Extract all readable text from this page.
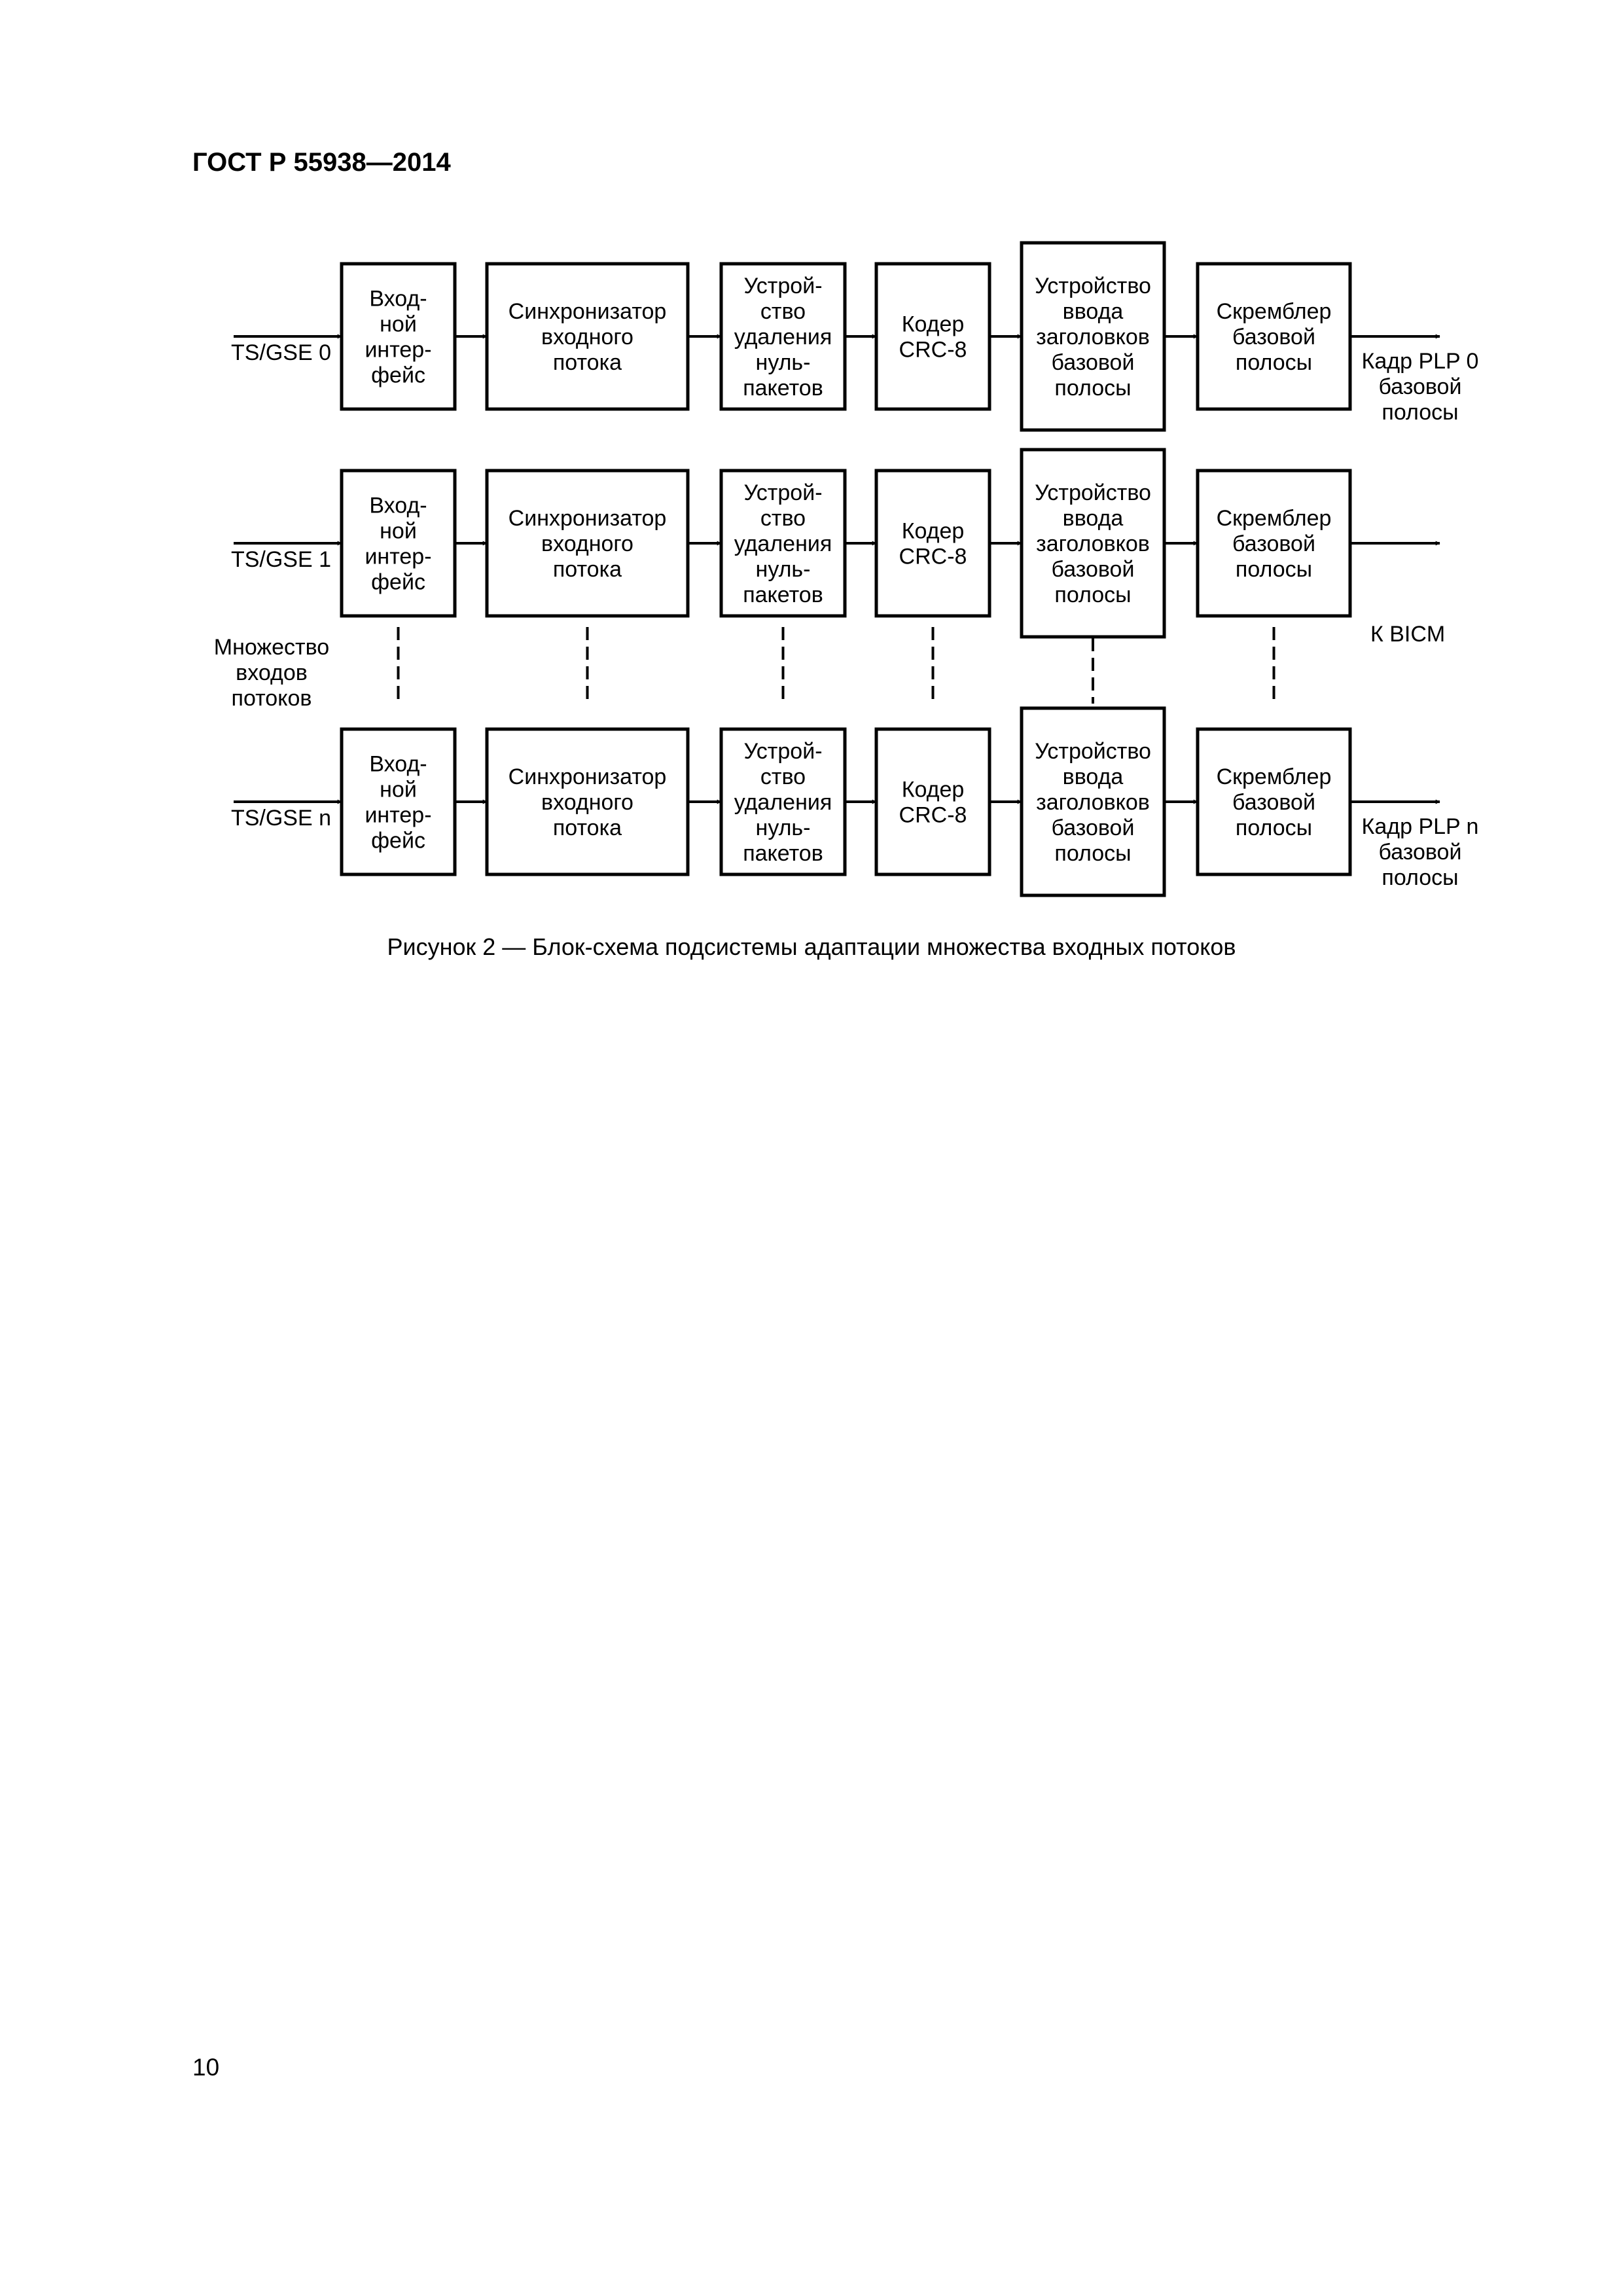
ГОСТ Р 55938—2014
TS/GSE 0
Вход-ной интер-фейс
Синхронизатор входного потока
Устрой-ство удаления нуль-пакетов
Кодер CRC-8
Устройство ввода заголовков базовой полосы
Скремблер базовой полосы	Кадр PLP 0 базовой полосы
TS/GSE 1
Вход-ной интер-фейс
Синхронизатор входного потока
Устрой-ство удаления нуль-пакетов
Кодер CRC-8
Устройство ввода заголовков базовой полосы
Скремблер базовой полосы
TS/GSE n
Вход-ной интер-фейс
Синхронизатор входного потока
Устрой-ство удаления нуль-пакетов
Кодер CRC-8
Устройство ввода заголовков базовой полосы
Скремблер базовой полосы	Кадр PLP n базовой полосы
Множество входов потоков
К BICM
Рисунок 2 — Блок-схема подсистемы адаптации множества входных потоков
10
